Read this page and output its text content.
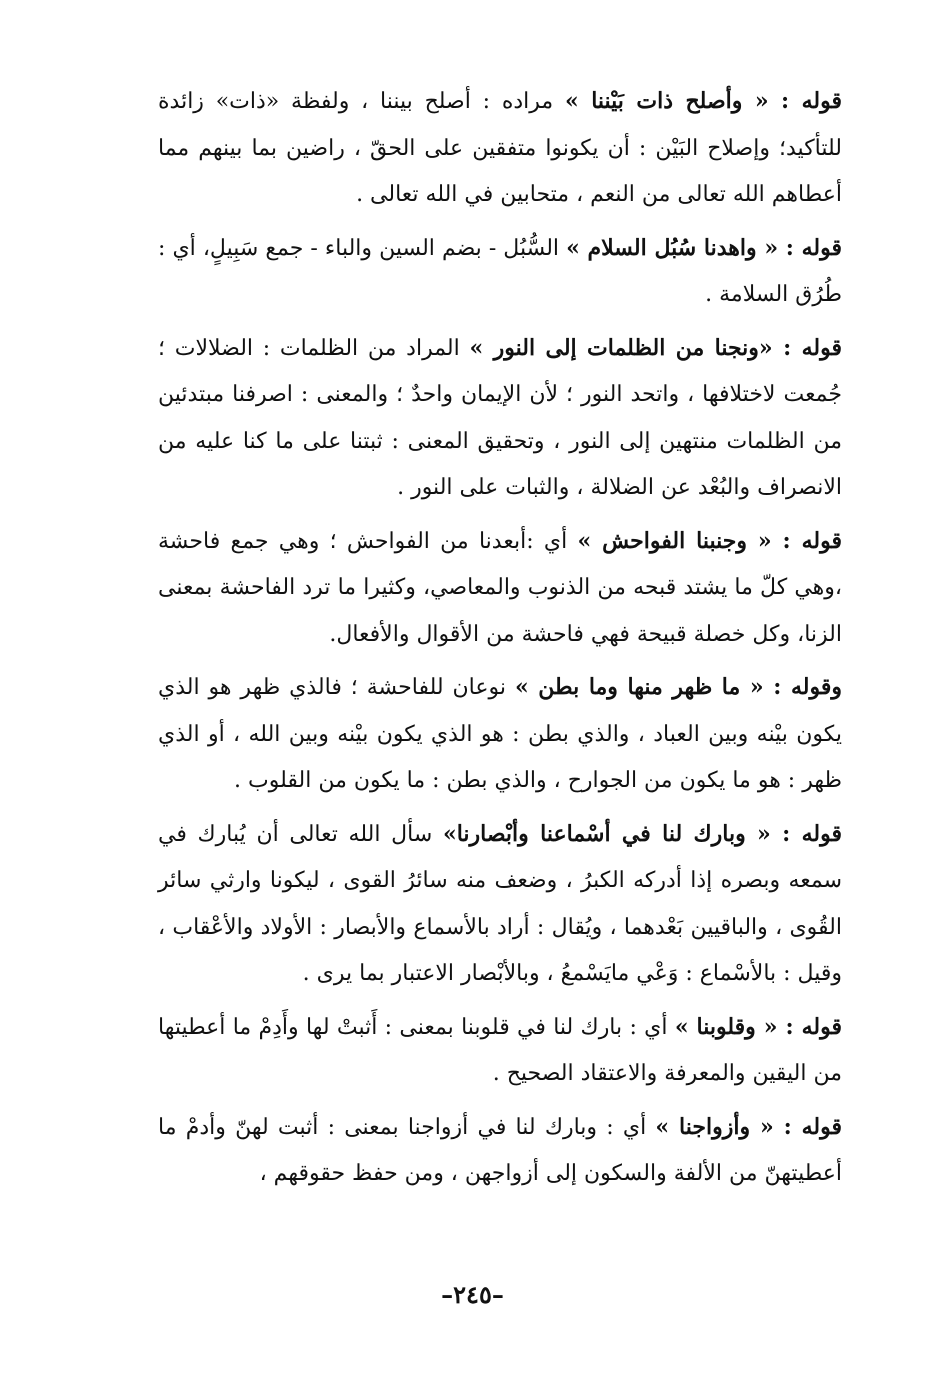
قوله : « وأصلح ذات بَيْننا » مراده : أصلح بيننا ، ولفظة «ذات» زائدة للتأكيد؛ وإصلاح البَيْن : أن يكونوا متفقين على الحقّ ، راضين بما بينهم مما أعطاهم الله تعالى من النعم ، متحابين في الله تعالى .

قوله : « واهدنا سُبُل السلام » السُّبُل - بضم السين والباء - جمع سَبِيلٍ، أي : طُرُق السلامة .

قوله : «ونجنا من الظلمات إلى النور » المراد من الظلمات : الضلالات ؛ جُمعت لاختلافها ، واتحد النور ؛ لأن الإيمان واحدٌ ؛ والمعنى : اصرفنا مبتدئين من الظلمات منتهين إلى النور ، وتحقيق المعنى : ثبتنا على ما كنا عليه من الانصراف والبُعْد عن الضلالة ، والثبات على النور .

قوله : « وجنبنا الفواحش » أي :أبعدنا من الفواحش ؛ وهي جمع فاحشة ،وهي كلّ ما يشتد قبحه من الذنوب والمعاصي، وكثيرا ما ترد الفاحشة بمعنى الزنا، وكل خصلة قبيحة فهي فاحشة من الأقوال والأفعال.

وقوله : « ما ظهر منها وما بطن » نوعان للفاحشة ؛ فالذي ظهر هو الذي يكون بيْنه وبين العباد ، والذي بطن : هو الذي يكون بيْنه وبين الله ، أو الذي ظهر : هو ما يكون من الجوارح ، والذي بطن : ما يكون من القلوب .

قوله : « وبارك لنا في أسْماعنا وأبْصارنا» سأل الله تعالى أن يُبارك في سمعه وبصره إذا أدركه الكبرُ ، وضعف منه سائرُ القوى ، ليكونا وارثي سائر القُوى ، والباقيين بَعْدهما ، ويُقال : أراد بالأسماع والأبصار : الأولاد والأعْقاب ، وقيل : بالأسْماع : وَعْي مايَسْمعُ ، وبالأبْصار الاعتبار بما يرى .

قوله : « وقلوبنا » أي : بارك لنا في قلوبنا بمعنى : أَثبتْ لها وأَدِمْ ما أعطيتها من اليقين والمعرفة والاعتقاد الصحيح .

قوله : « وأزواجنا » أي : وبارك لنا في أزواجنا بمعنى : أثبت لهنّ وأدمْ ما أعطيتهنّ من الألفة والسكون إلى أزواجهن ، ومن حفظ حقوقهم ،

–٢٤٥–
